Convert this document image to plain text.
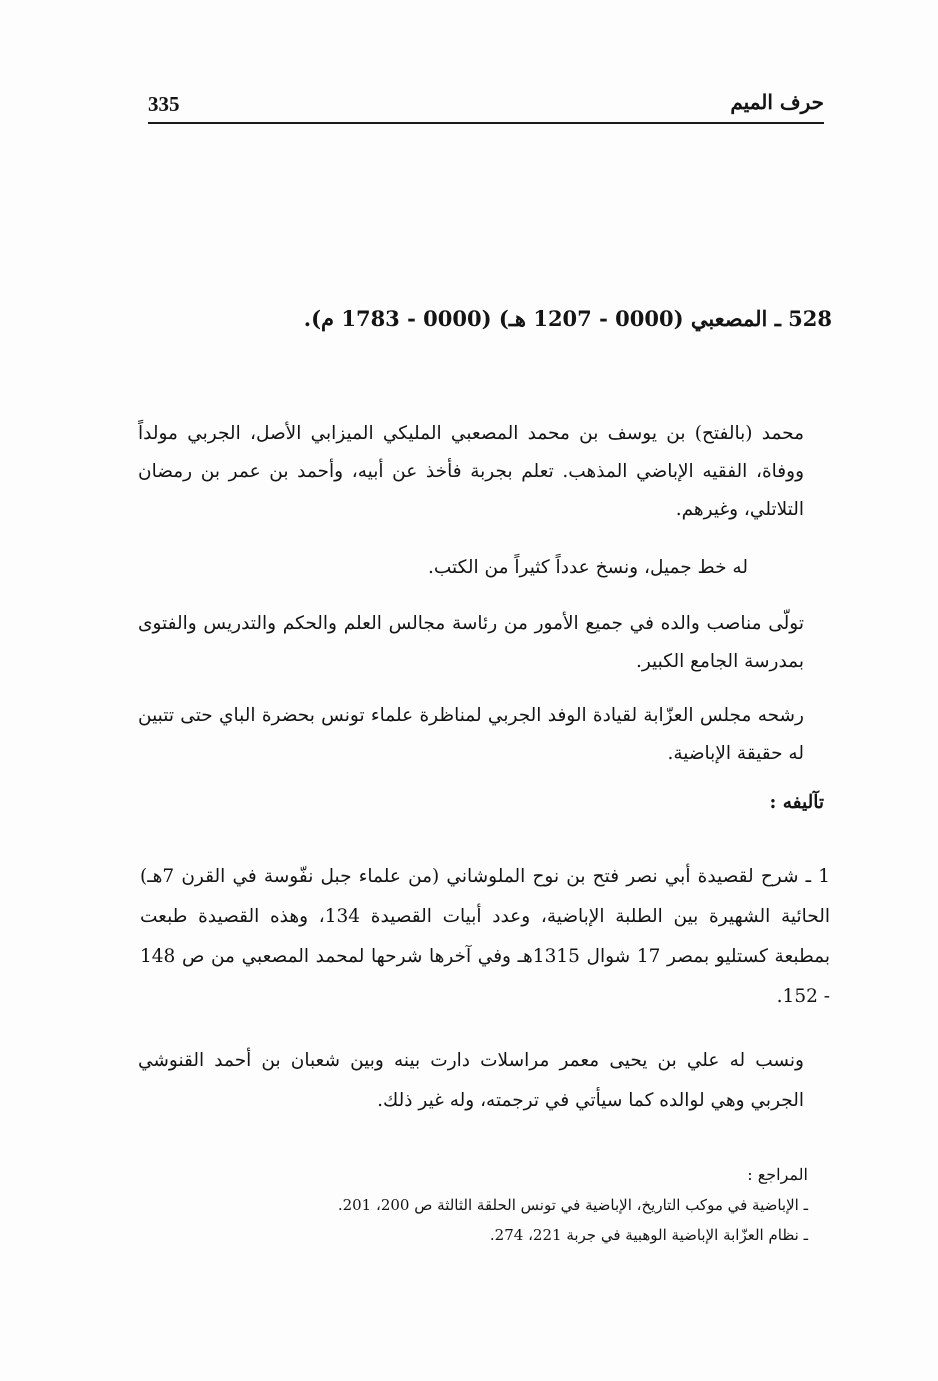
335	حرف الميم
528 ـ المصعبي (0000 - 1207 هـ) (0000 - 1783 م).

محمد (بالفتح) بن يوسف بن محمد المصعبي المليكي الميزابي الأصل، الجربي مولداً ووفاة، الفقيه الإباضي المذهب. تعلم بجربة فأخذ عن أبيه، وأحمد بن عمر بن رمضان التلاتلي، وغيرهم.

له خط جميل، ونسخ عدداً كثيراً من الكتب.

تولّى مناصب والده في جميع الأمور من رئاسة مجالس العلم والحكم والتدريس والفتوى بمدرسة الجامع الكبير.

رشحه مجلس العزّابة لقيادة الوفد الجربي لمناظرة علماء تونس بحضرة الباي حتى تتبين له حقيقة الإباضية.

تآليفه :

1 ـ شرح لقصيدة أبي نصر فتح بن نوح الملوشاني (من علماء جبل نفّوسة في القرن 7هـ) الحائية الشهيرة بين الطلبة الإباضية، وعدد أبيات القصيدة 134، وهذه القصيدة طبعت بمطبعة كستليو بمصر 17 شوال 1315هـ وفي آخرها شرحها لمحمد المصعبي من ص 148 - 152.

ونسب له علي بن يحيى معمر مراسلات دارت بينه وبين شعبان بن أحمد القنوشي الجربي وهي لوالده كما سيأتي في ترجمته، وله غير ذلك.

المراجع :
ـ الإباضية في موكب التاريخ، الإباضية في تونس الحلقة الثالثة ص 200، 201.
ـ نظام العزّابة الإباضية الوهبية في جربة 221، 274.
